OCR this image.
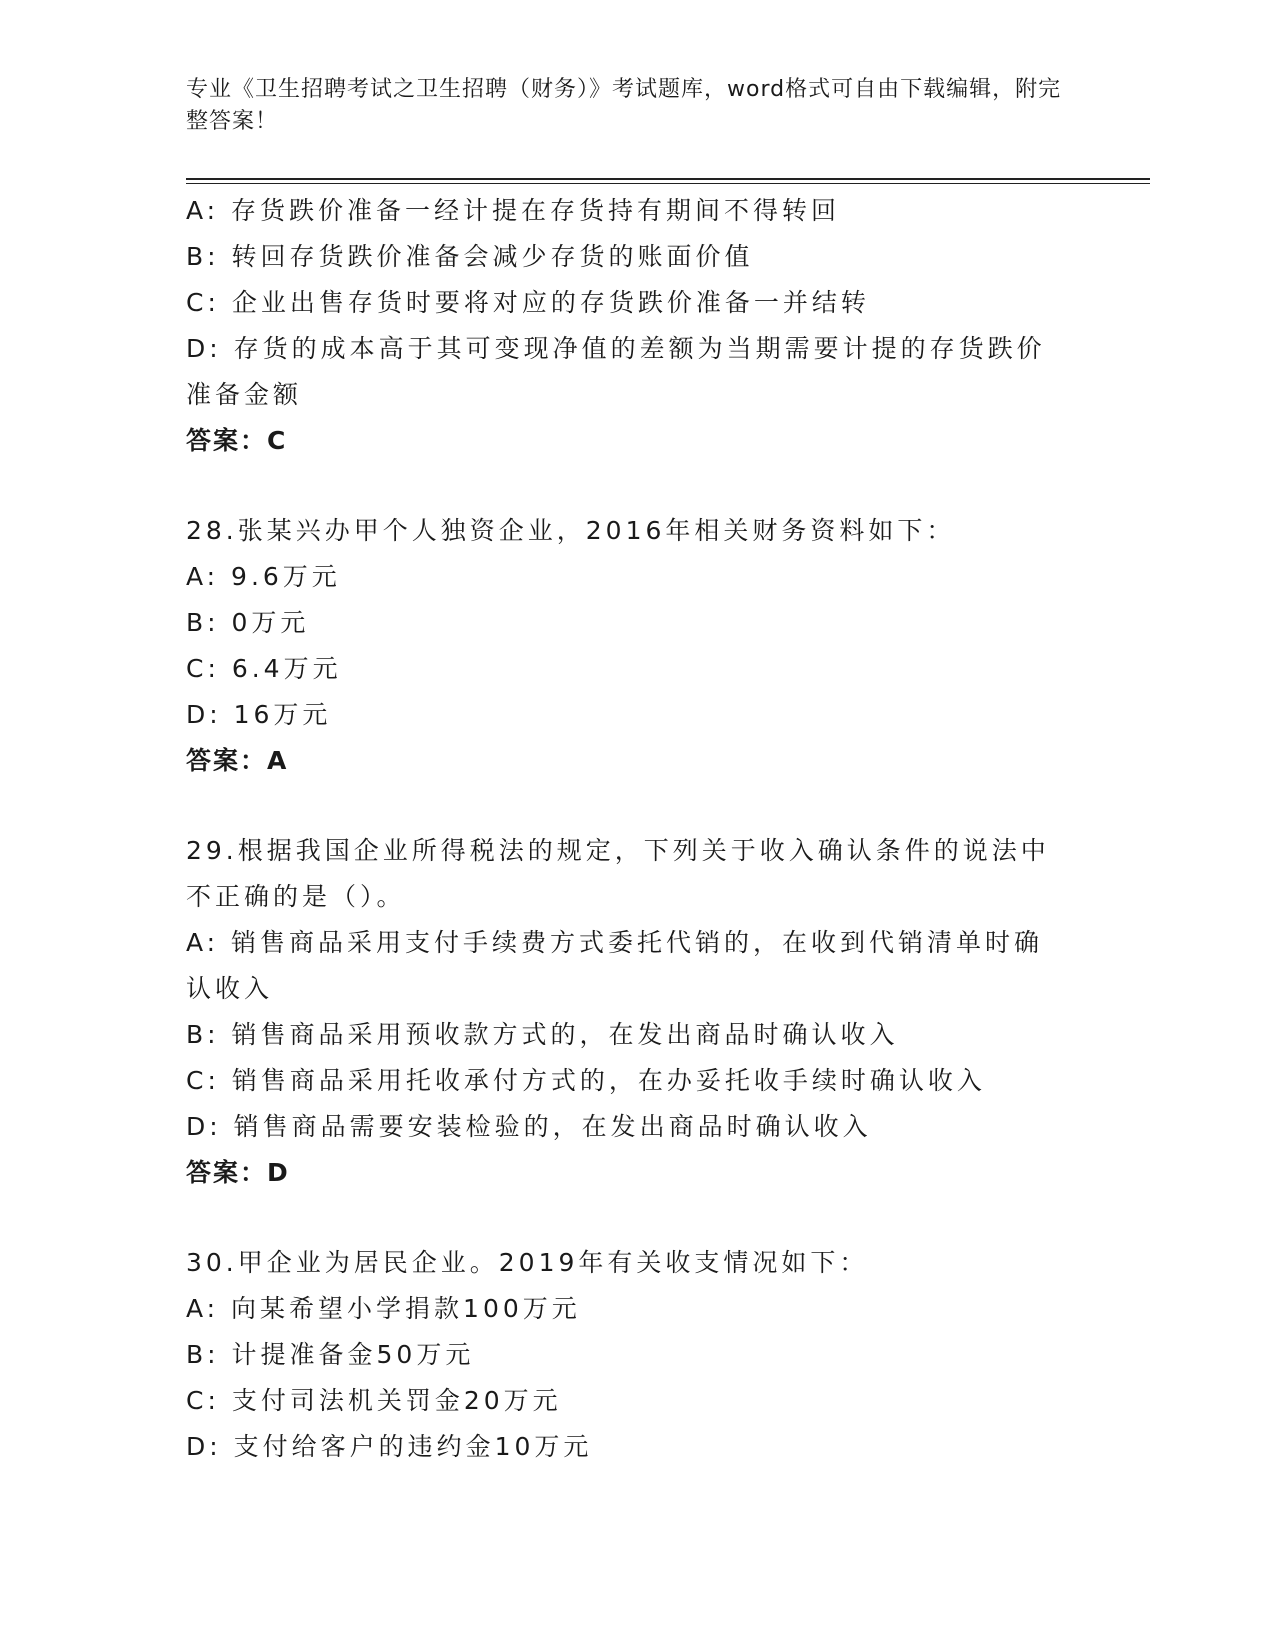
专业《卫生招聘考试之卫生招聘（财务）》考试题库，word格式可自由下载编辑，附完整答案！
A: 存货跌价准备一经计提在存货持有期间不得转回
B: 转回存货跌价准备会减少存货的账面价值
C: 企业出售存货时要将对应的存货跌价准备一并结转
D: 存货的成本高于其可变现净值的差额为当期需要计提的存货跌价准备金额
答案：C
28.张某兴办甲个人独资企业，2016年相关财务资料如下：
A: 9.6万元
B: 0万元
C: 6.4万元
D: 16万元
答案：A
29.根据我国企业所得税法的规定，下列关于收入确认条件的说法中不正确的是（）。
A: 销售商品采用支付手续费方式委托代销的，在收到代销清单时确认收入
B: 销售商品采用预收款方式的，在发出商品时确认收入
C: 销售商品采用托收承付方式的，在办妥托收手续时确认收入
D: 销售商品需要安装检验的，在发出商品时确认收入
答案：D
30.甲企业为居民企业。2019年有关收支情况如下：
A: 向某希望小学捐款100万元
B: 计提准备金50万元
C: 支付司法机关罚金20万元
D: 支付给客户的违约金10万元
